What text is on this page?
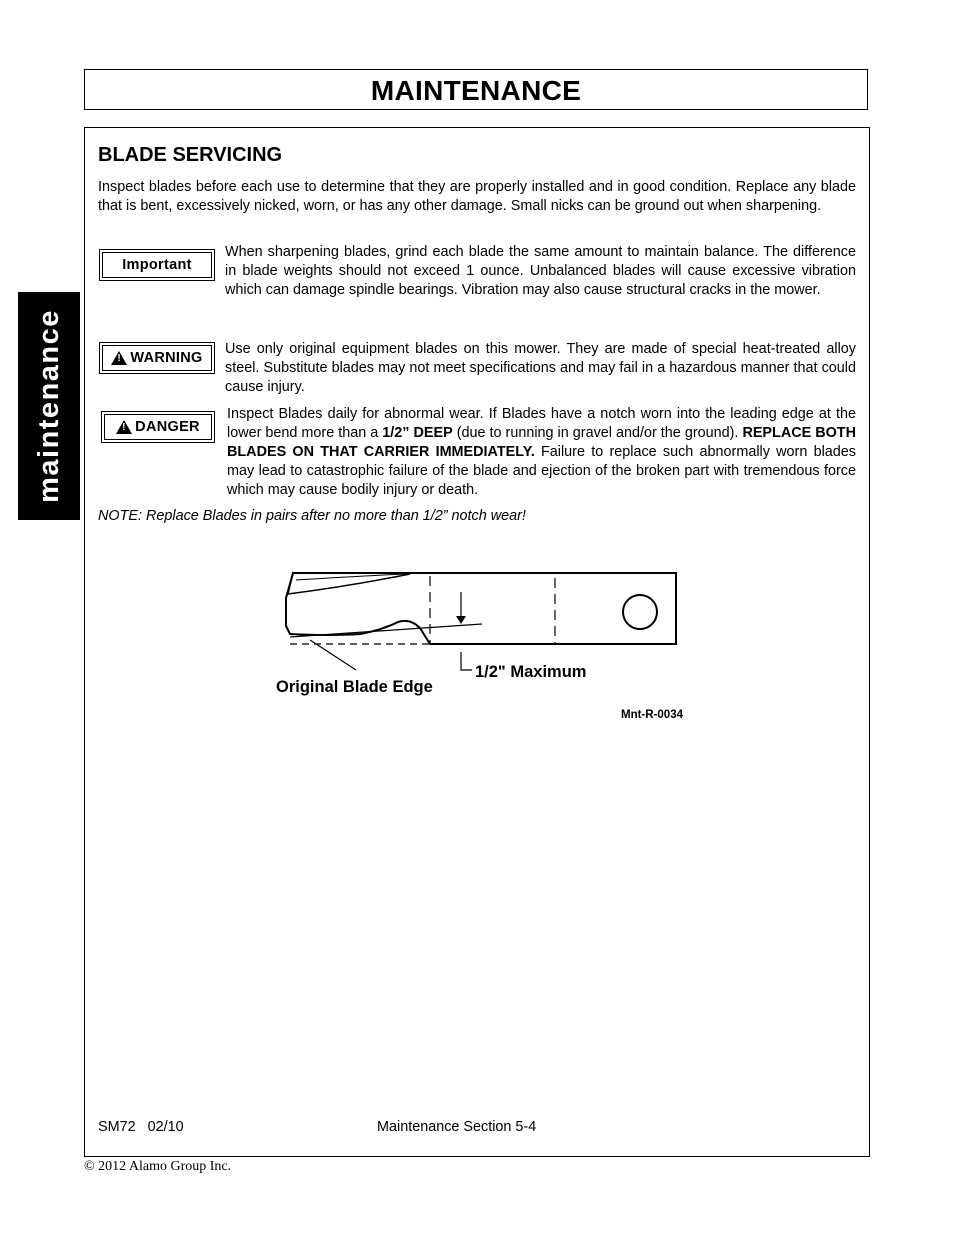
MAINTENANCE
maintenance
BLADE SERVICING
Inspect blades before each use to determine that they are properly installed and in good condition. Replace any blade that is bent, excessively nicked, worn, or has any other damage. Small nicks can be ground out when sharpening.
Important
When sharpening blades, grind each blade the same amount to maintain balance. The difference in blade weights should not exceed 1 ounce. Unbalanced blades will cause excessive vibration which can damage spindle bearings. Vibration may also cause structural cracks in the mower.
! WARNING
Use only original equipment blades on this mower. They are made of special heat-treated alloy steel. Substitute blades may not meet specifications and may fail in a hazardous manner that could cause injury.
! DANGER
Inspect Blades daily for abnormal wear. If Blades have a notch worn into the leading edge at the lower bend more than a 1/2” DEEP (due to running in gravel and/or the ground). REPLACE BOTH BLADES ON THAT CARRIER IMMEDIATELY. Failure to replace such abnormally worn blades may lead to catastrophic failure of the blade and ejection of the broken part with tremendous force which may cause bodily injury or death.
NOTE: Replace Blades in pairs after no more than 1/2” notch wear!
Original Blade Edge
1/2" Maximum
Mnt-R-0034
SM72   02/10	Maintenance Section 5-4
© 2012 Alamo Group Inc.
